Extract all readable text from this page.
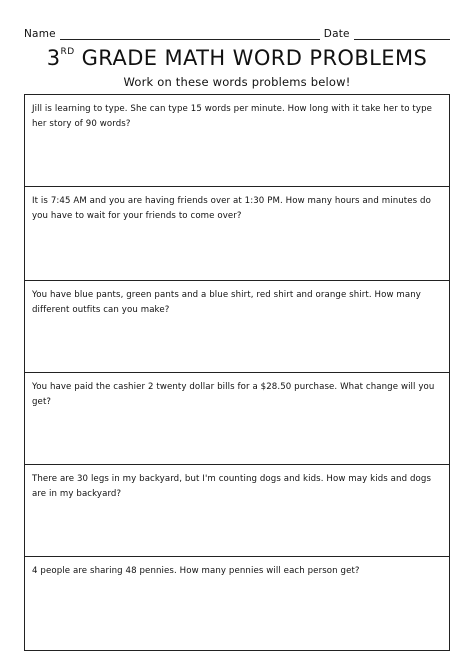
Name	Date
3RD GRADE MATH WORD PROBLEMS
Work on these words problems below!
Jill is learning to type. She can type 15 words per minute. How long with it take her to type her story of 90 words?
It is 7:45 AM and you are having friends over at 1:30 PM. How many hours and minutes do you have to wait for your friends to come over?
You have blue pants, green pants and a blue shirt, red shirt and orange shirt. How many different outfits can you make?
You have paid the cashier 2 twenty dollar bills for a $28.50 purchase. What change will you get?
There are 30 legs in my backyard, but I'm counting dogs and kids. How may kids and dogs are in my backyard?
4 people are sharing 48 pennies. How many pennies will each person get?
